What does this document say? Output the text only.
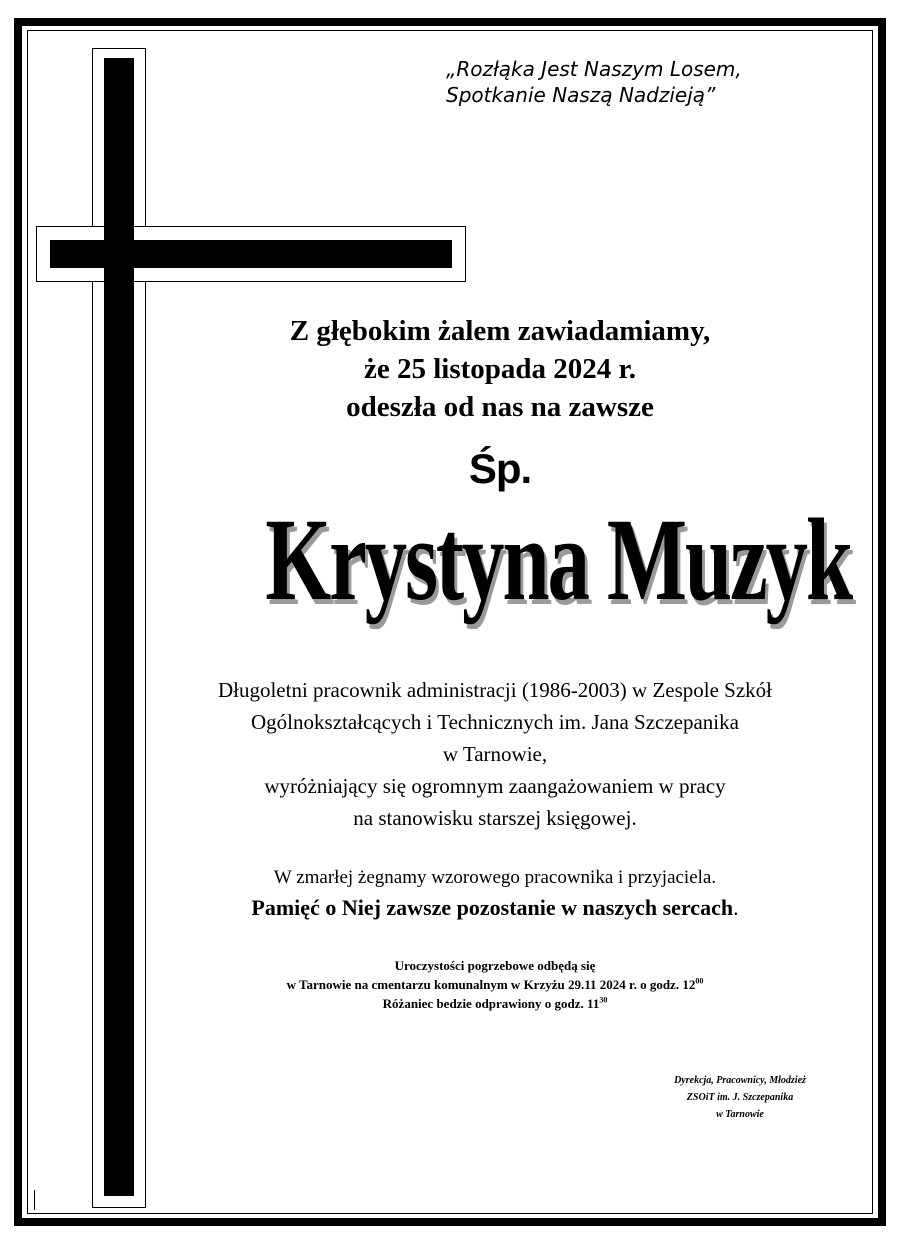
„Rozłąka Jest Naszym Losem,
Spotkanie Naszą Nadzieją”
Z głębokim żalem zawiadamiamy,
że 25 listopada 2024 r.
odeszła od nas na zawsze
Śp.
Krystyna Muzyk
Długoletni pracownik administracji (1986-2003) w Zespole Szkół
Ogólnokształcących i Technicznych im. Jana Szczepanika
w Tarnowie,
wyróżniający się ogromnym zaangażowaniem w pracy
na stanowisku starszej księgowej.
W zmarłej żegnamy wzorowego pracownika i przyjaciela.
Pamięć o Niej zawsze pozostanie w naszych sercach.
Uroczystości pogrzebowe odbędą się
w Tarnowie na cmentarzu komunalnym w Krzyżu 29.11 2024 r. o godz. $12^{00}$
Różaniec bedzie odprawiony o godz. $11^{30}$
Dyrekcja, Pracownicy, Młodzież
ZSOiT im. J. Szczepanika
w Tarnowie
